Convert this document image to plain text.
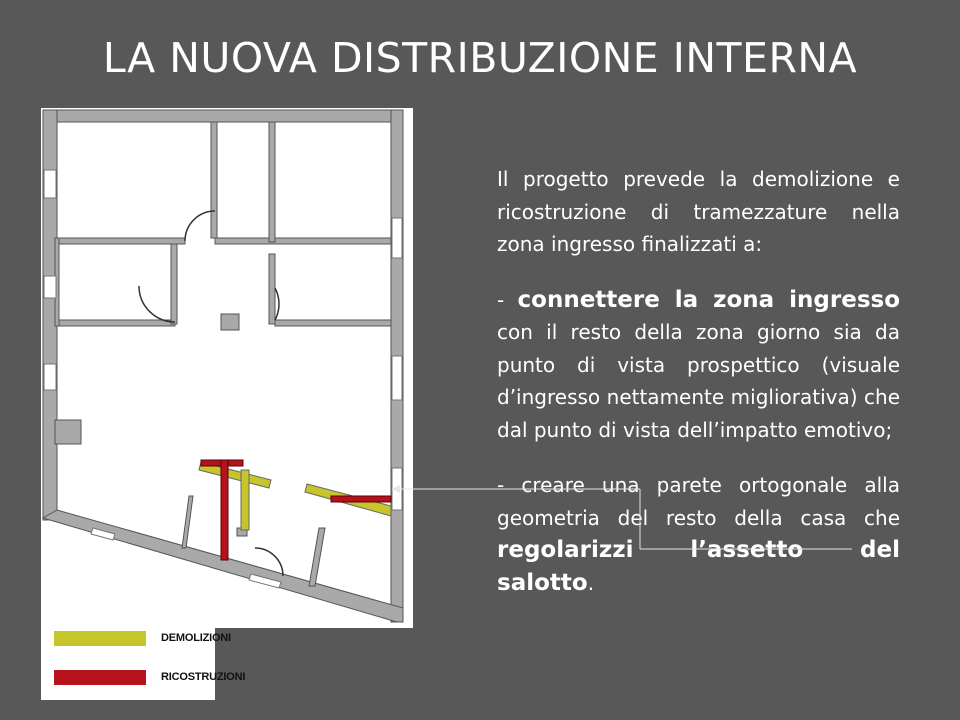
LA NUOVA DISTRIBUZIONE INTERNA
DEMOLIZIONI
RICOSTRUZIONI

Il progetto prevede la demolizione e ricostruzione di tramezzature nella zona ingresso finalizzati a:

- connettere la zona ingresso con il resto della zona giorno sia da punto di vista prospettico (visuale d’ingresso nettamente migliorativa) che dal punto di vista dell’impatto emotivo;

- creare una parete ortogonale alla geometria del resto della casa che regolarizzi l’assetto del salotto.
